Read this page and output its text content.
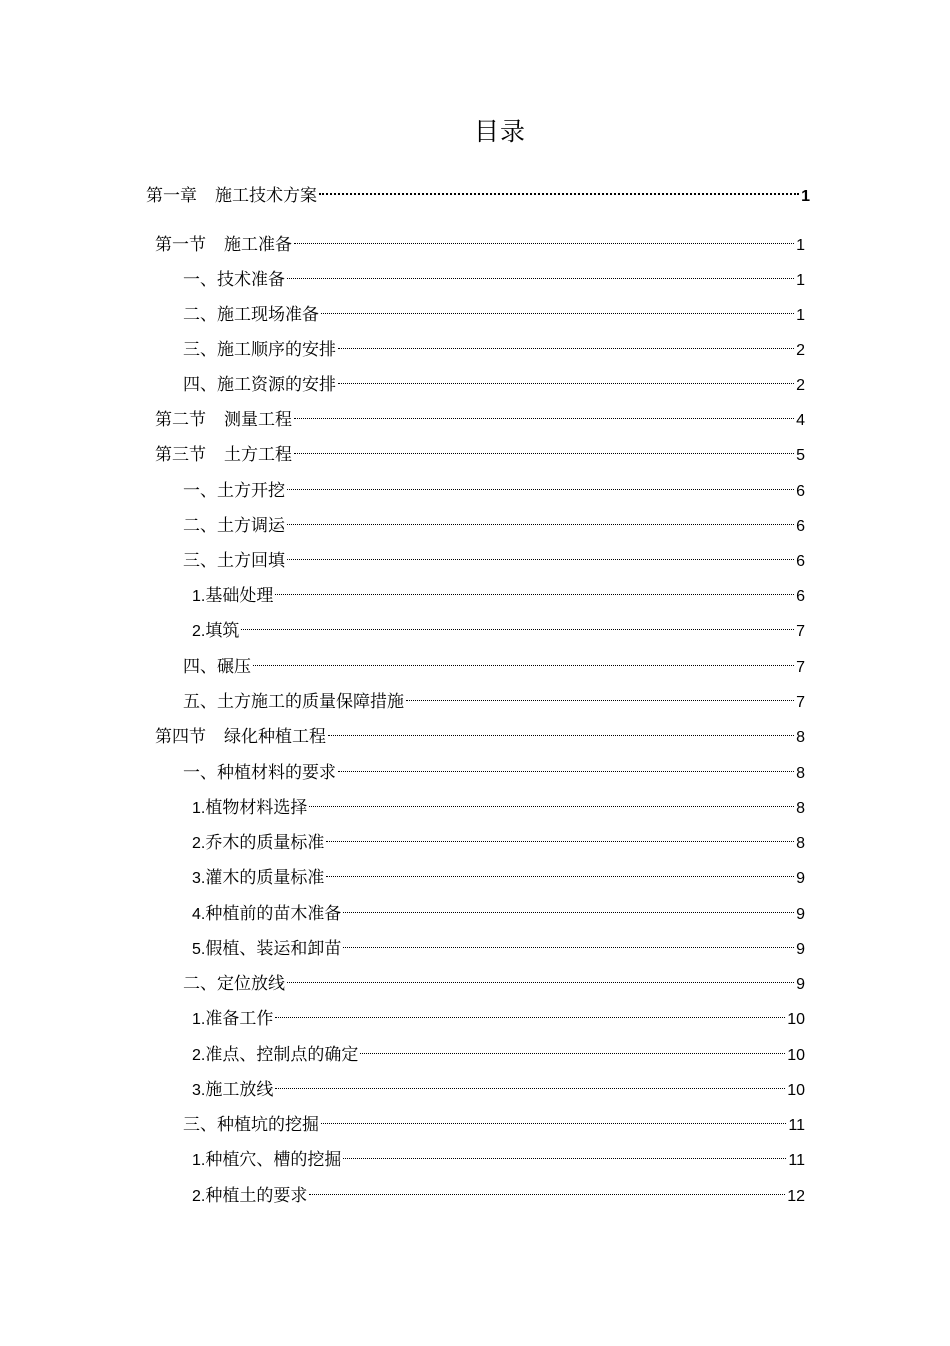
目录
第一章 施工技术方案	1
第一节 施工准备	1
一、技术准备	1
二、施工现场准备	1
三、施工顺序的安排	2
四、施工资源的安排	2
第二节 测量工程	4
第三节 土方工程	5
一、土方开挖	6
二、土方调运	6
三、土方回填	6
1.基础处理	6
2.填筑	7
四、碾压	7
五、土方施工的质量保障措施	7
第四节 绿化种植工程	8
一、种植材料的要求	8
1.植物材料选择	8
2.乔木的质量标准	8
3.灌木的质量标准	9
4.种植前的苗木准备	9
5.假植、装运和卸苗	9
二、定位放线	9
1.准备工作	10
2.准点、控制点的确定	10
3.施工放线	10
三、种植坑的挖掘	11
1.种植穴、槽的挖掘	11
2.种植土的要求	12
